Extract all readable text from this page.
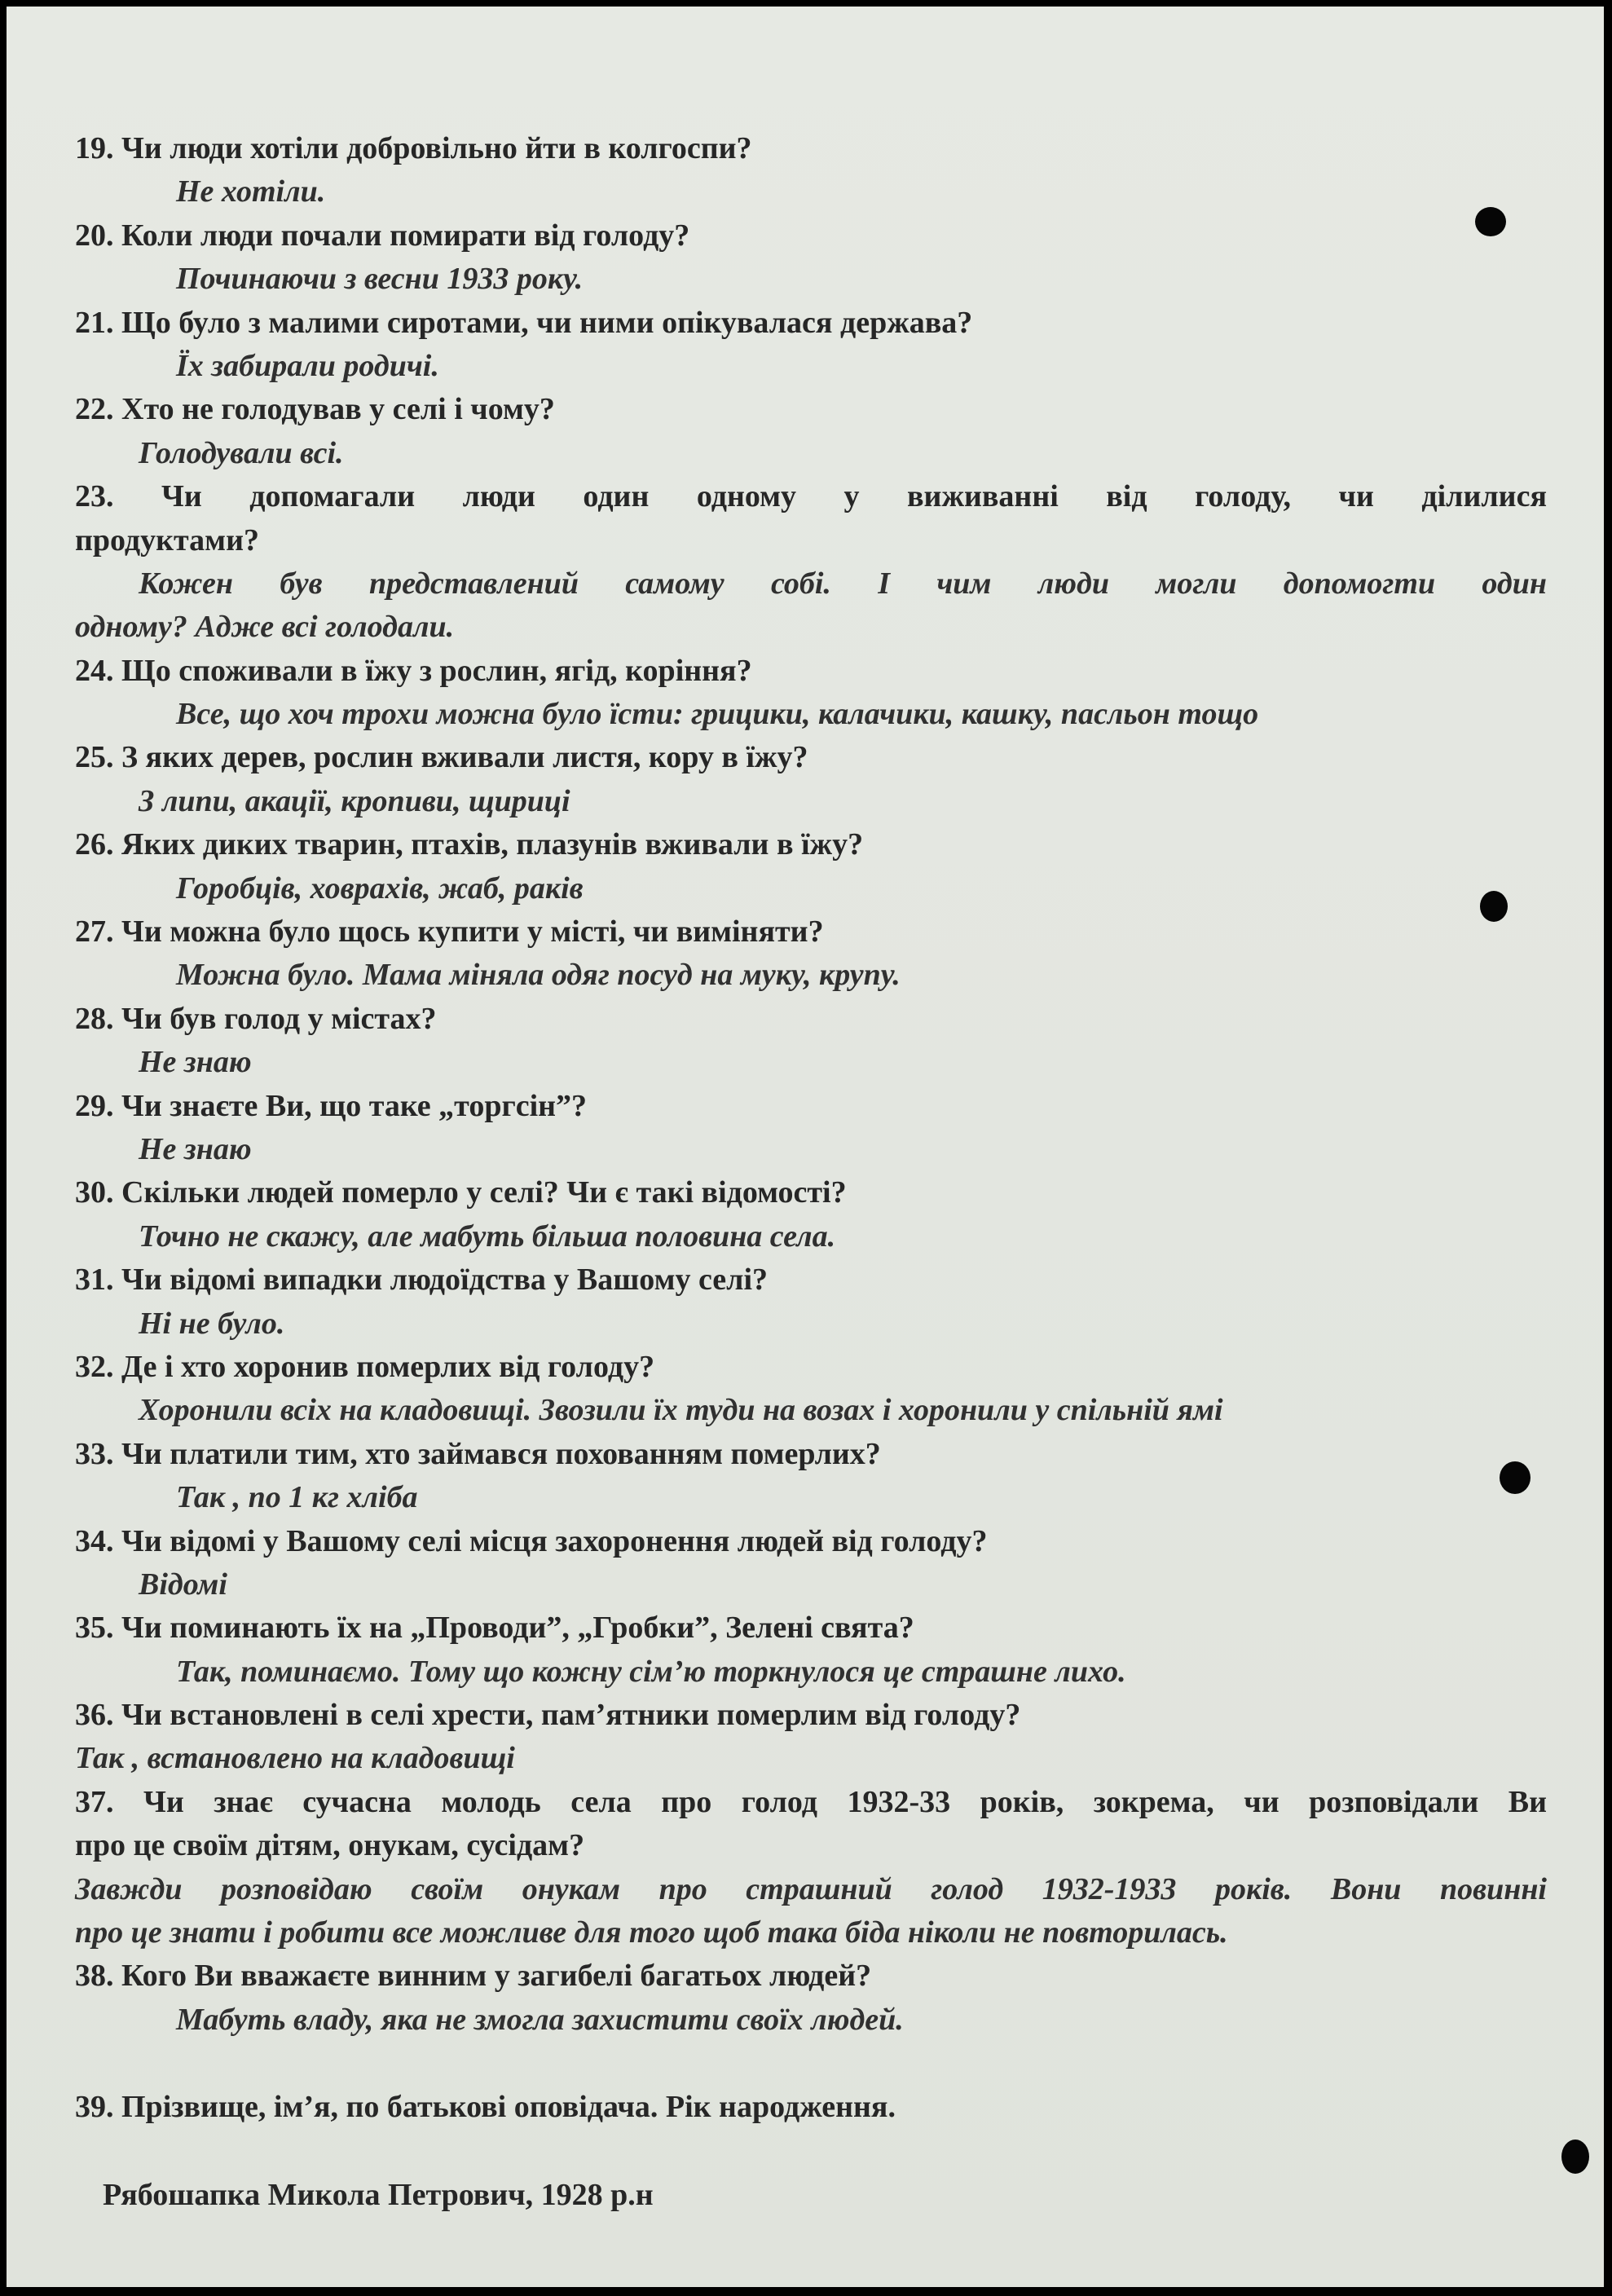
19. Чи люди хотіли добровільно йти в колгоспи?
Не хотіли.
20. Коли люди почали помирати від голоду?
Починаючи з весни 1933 року.
21. Що було з малими сиротами, чи ними опікувалася держава?
Їх забирали родичі.
22. Хто не голодував у селі і чому?
Голодували всі.
23. Чи допомагали люди один одному у виживанні від голоду, чи ділилися
продуктами?
Кожен був представлений самому собі. І чим люди могли допомогти один
одному? Адже всі голодали.
24. Що споживали в їжу з рослин, ягід, коріння?
Все, що хоч трохи можна було їсти: грицики, калачики, кашку, пасльон тощо
25. З яких дерев, рослин вживали листя, кору в їжу?
З липи, акації, кропиви, щириці
26. Яких диких тварин, птахів, плазунів вживали в їжу?
Горобців, ховрахів, жаб, раків
27. Чи можна було щось купити у місті, чи виміняти?
Можна було. Мама міняла одяг посуд на муку, крупу.
28. Чи був голод у містах?
Не знаю
29. Чи знаєте Ви, що таке „торгсін”?
Не знаю
30. Скільки людей померло у селі? Чи є такі відомості?
Точно не скажу, але мабуть більша половина села.
31. Чи відомі випадки людоїдства у Вашому селі?
Ні не було.
32. Де і хто хоронив померлих від голоду?
Хоронили всіх на кладовищі. Звозили їх туди на возах і хоронили у спільній ямі
33. Чи платили тим, хто займався похованням померлих?
Так , по 1 кг хліба
34. Чи відомі у Вашому селі місця захоронення людей від голоду?
Відомі
35. Чи поминають їх на „Проводи”, „Гробки”, Зелені свята?
Так, поминаємо. Тому що кожну сім’ю торкнулося це страшне лихо.
36. Чи встановлені в селі хрести, пам’ятники померлим від голоду?
Так , встановлено на кладовищі
37. Чи знає сучасна молодь села про голод 1932-33 років, зокрема, чи розповідали Ви
про це своїм дітям, онукам, сусідам?
Завжди розповідаю своїм онукам про страшний голод 1932-1933 років. Вони повинні
про це знати і робити все можливе для того щоб така біда ніколи не повторилась.
38. Кого Ви вважаєте винним у загибелі багатьох людей?
Мабуть владу, яка не змогла захистити своїх людей.
39. Прізвище, ім’я, по батькові оповідача. Рік народження.
Рябошапка Микола Петрович, 1928 р.н
